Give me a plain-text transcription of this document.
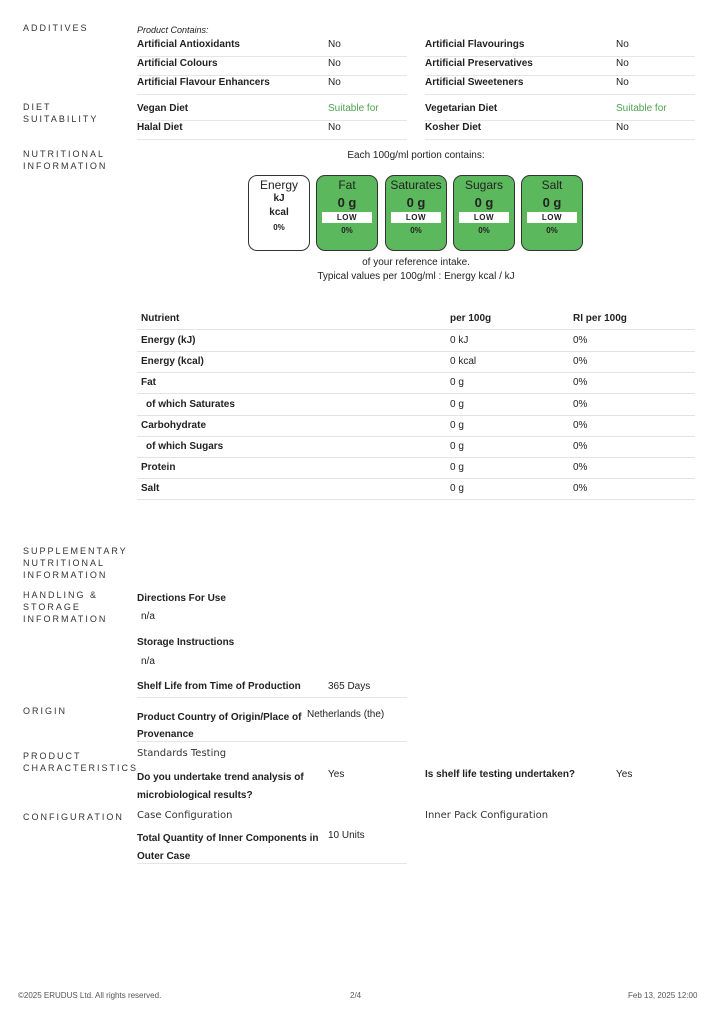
ADDITIVES
DIET
SUITABILITY
NUTRITIONAL
INFORMATION
SUPPLEMENTARY
NUTRITIONAL
INFORMATION
HANDLING &
STORAGE
INFORMATION
ORIGIN
PRODUCT
CHARACTERISTICS
CONFIGURATION
Product Contains:
Artificial Antioxidants	No
Artificial Colours	No
Artificial Flavour Enhancers	No
Artificial Flavourings	No
Artificial Preservatives	No
Artificial Sweeteners	No
Vegan Diet	Suitable for
Halal Diet	No
Vegetarian Diet	Suitable for
Kosher Diet	No
Each 100g/ml portion contains:
Energy
kJ
kcal
0%
Fat
0 g
LOW
0%
Saturates
0 g
LOW
0%
Sugars
0 g
LOW
0%
Salt
0 g
LOW
0%
of your reference intake.
Typical values per 100g/ml : Energy kcal / kJ
Nutrient	per 100g	RI per 100g
Energy (kJ)	0 kJ	0%
Energy (kcal)	0 kcal	0%
Fat	0 g	0%
of which Saturates	0 g	0%
Carbohydrate	0 g	0%
of which Sugars	0 g	0%
Protein	0 g	0%
Salt	0 g	0%
Directions For Use
n/a
Storage Instructions
n/a
Shelf Life from Time of Production	365 Days
Product Country of Origin/Place of
Provenance
Netherlands (the)
Standards Testing
Do you undertake trend analysis of
microbiological results?
Yes	Is shelf life testing undertaken?	Yes
Case Configuration	Inner Pack Configuration
Total Quantity of Inner Components in
Outer Case
10 Units
©2025 ERUDUS Ltd. All rights reserved.	2/4	Feb 13, 2025 12:00
